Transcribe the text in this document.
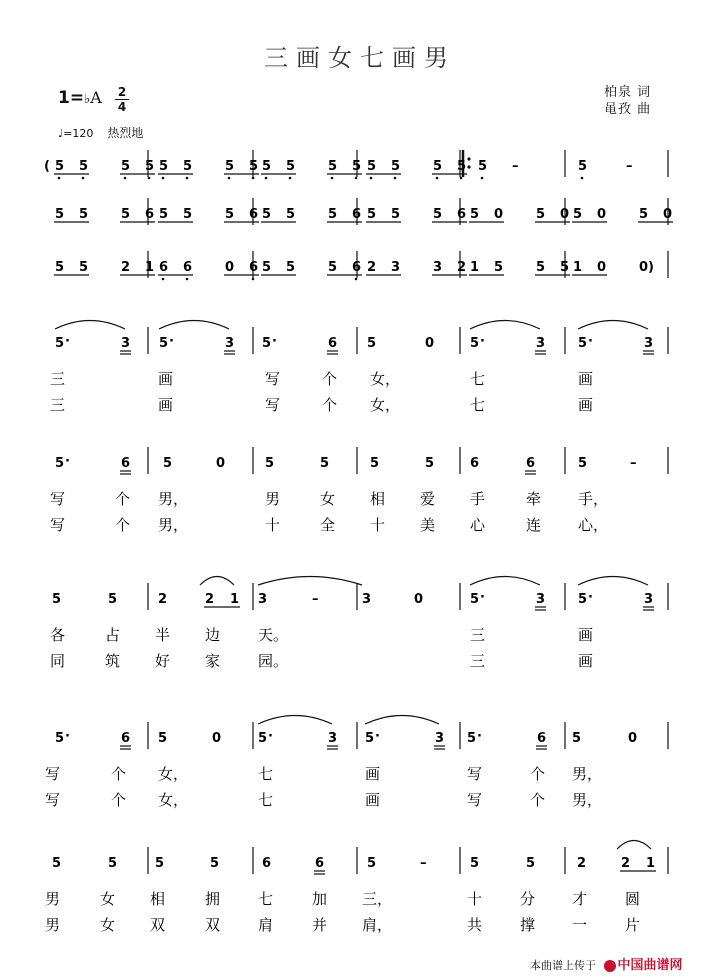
三画女七画男
1=♭A 2
4
柏泉 词
黾孜 曲
♩=120 热烈地
( 5 5	5 5 5 5	5 5 5 5	5 5 5 5	5 5 5 –	5	–
5 5	5 6 5 5	5 6 5 5	5 6 5 5	5 6 5 0	5 0 5 0	5 0
)
5 5	2 1 6 6	0 6 5 5	5 6 2 3	3 2 1 5	5 5 1 0	0
5 ·	3 5 ·	3 5 ·	6 5	0	5 ·	3	5 ·	3
三	画	写	个 女，	七	画
三	画	写	个 女，	七	画
5 ·	6	5	0	5	5	5	5	6	6	5	–
写	个 男，	男	女 相 爱 手	牵 手，
写	个 男，	十	全 十 美 心	连 心，
5	5	2	2 1 3	–	3	0	5 ·	3	5 ·	3
各	占 半 边	天。	三	画
同	筑 好 家	园。	三	画
5 ·	6 5	0	5 ·	3 5 ·	3 5 ·	6 5	0
写	个 女，	七	画	写	个 男，
写	个 女，	七	画	写	个 男，
5	5	5	5	6	6	5	–	5	5	2	2 1
男	女 相	拥	七	加 三，	十	分 才	圆
男	女 双	双	肩	并 肩，	共	撑 一	片
本曲谱上传于 中国曲谱网
